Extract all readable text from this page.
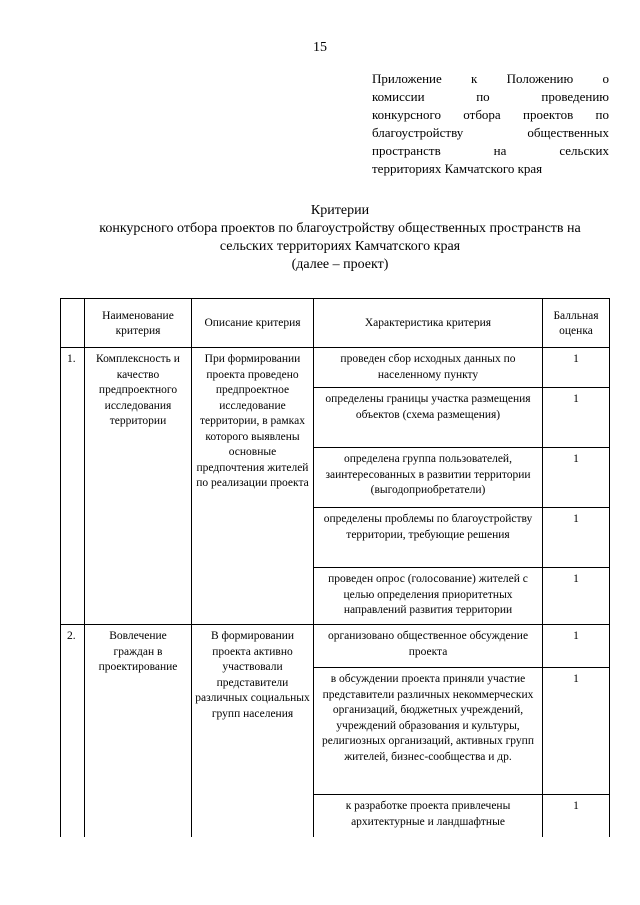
15
Приложение к Положению о
комиссии по проведению
конкурсного отбора проектов по
благоустройству общественных
пространств на сельских
территориях Камчатского края
Критерии
конкурсного отбора проектов по благоустройству общественных пространств на
сельских территориях Камчатского края
(далее – проект)
	Наименование критерия	Описание критерия	Характеристика критерия	Балльная оценка
1.	Комплексность и качество предпроектного исследования территории	При формировании проекта проведено предпроектное исследование территории, в рамках которого выявлены основные предпочтения жителей по реализации проекта	проведен сбор исходных данных по населенному пункту	1
			определены границы участка размещения объектов (схема размещения)	1
			определена группа пользователей, заинтересованных в развитии территории (выгодоприобретатели)	1
			определены проблемы по благоустройству территории, требующие решения	1
			проведен опрос (голосование) жителей с целью определения приоритетных направлений развития территории	1
2.	Вовлечение граждан в проектирование	В формировании проекта активно участвовали представители различных социальных групп населения	организовано общественное обсуждение проекта	1
			в обсуждении проекта приняли участие представители различных некоммерческих организаций, бюджетных учреждений, учреждений образования и культуры, религиозных организаций, активных групп жителей, бизнес-сообщества и др.	1
			к разработке проекта привлечены архитектурные и ландшафтные	1
